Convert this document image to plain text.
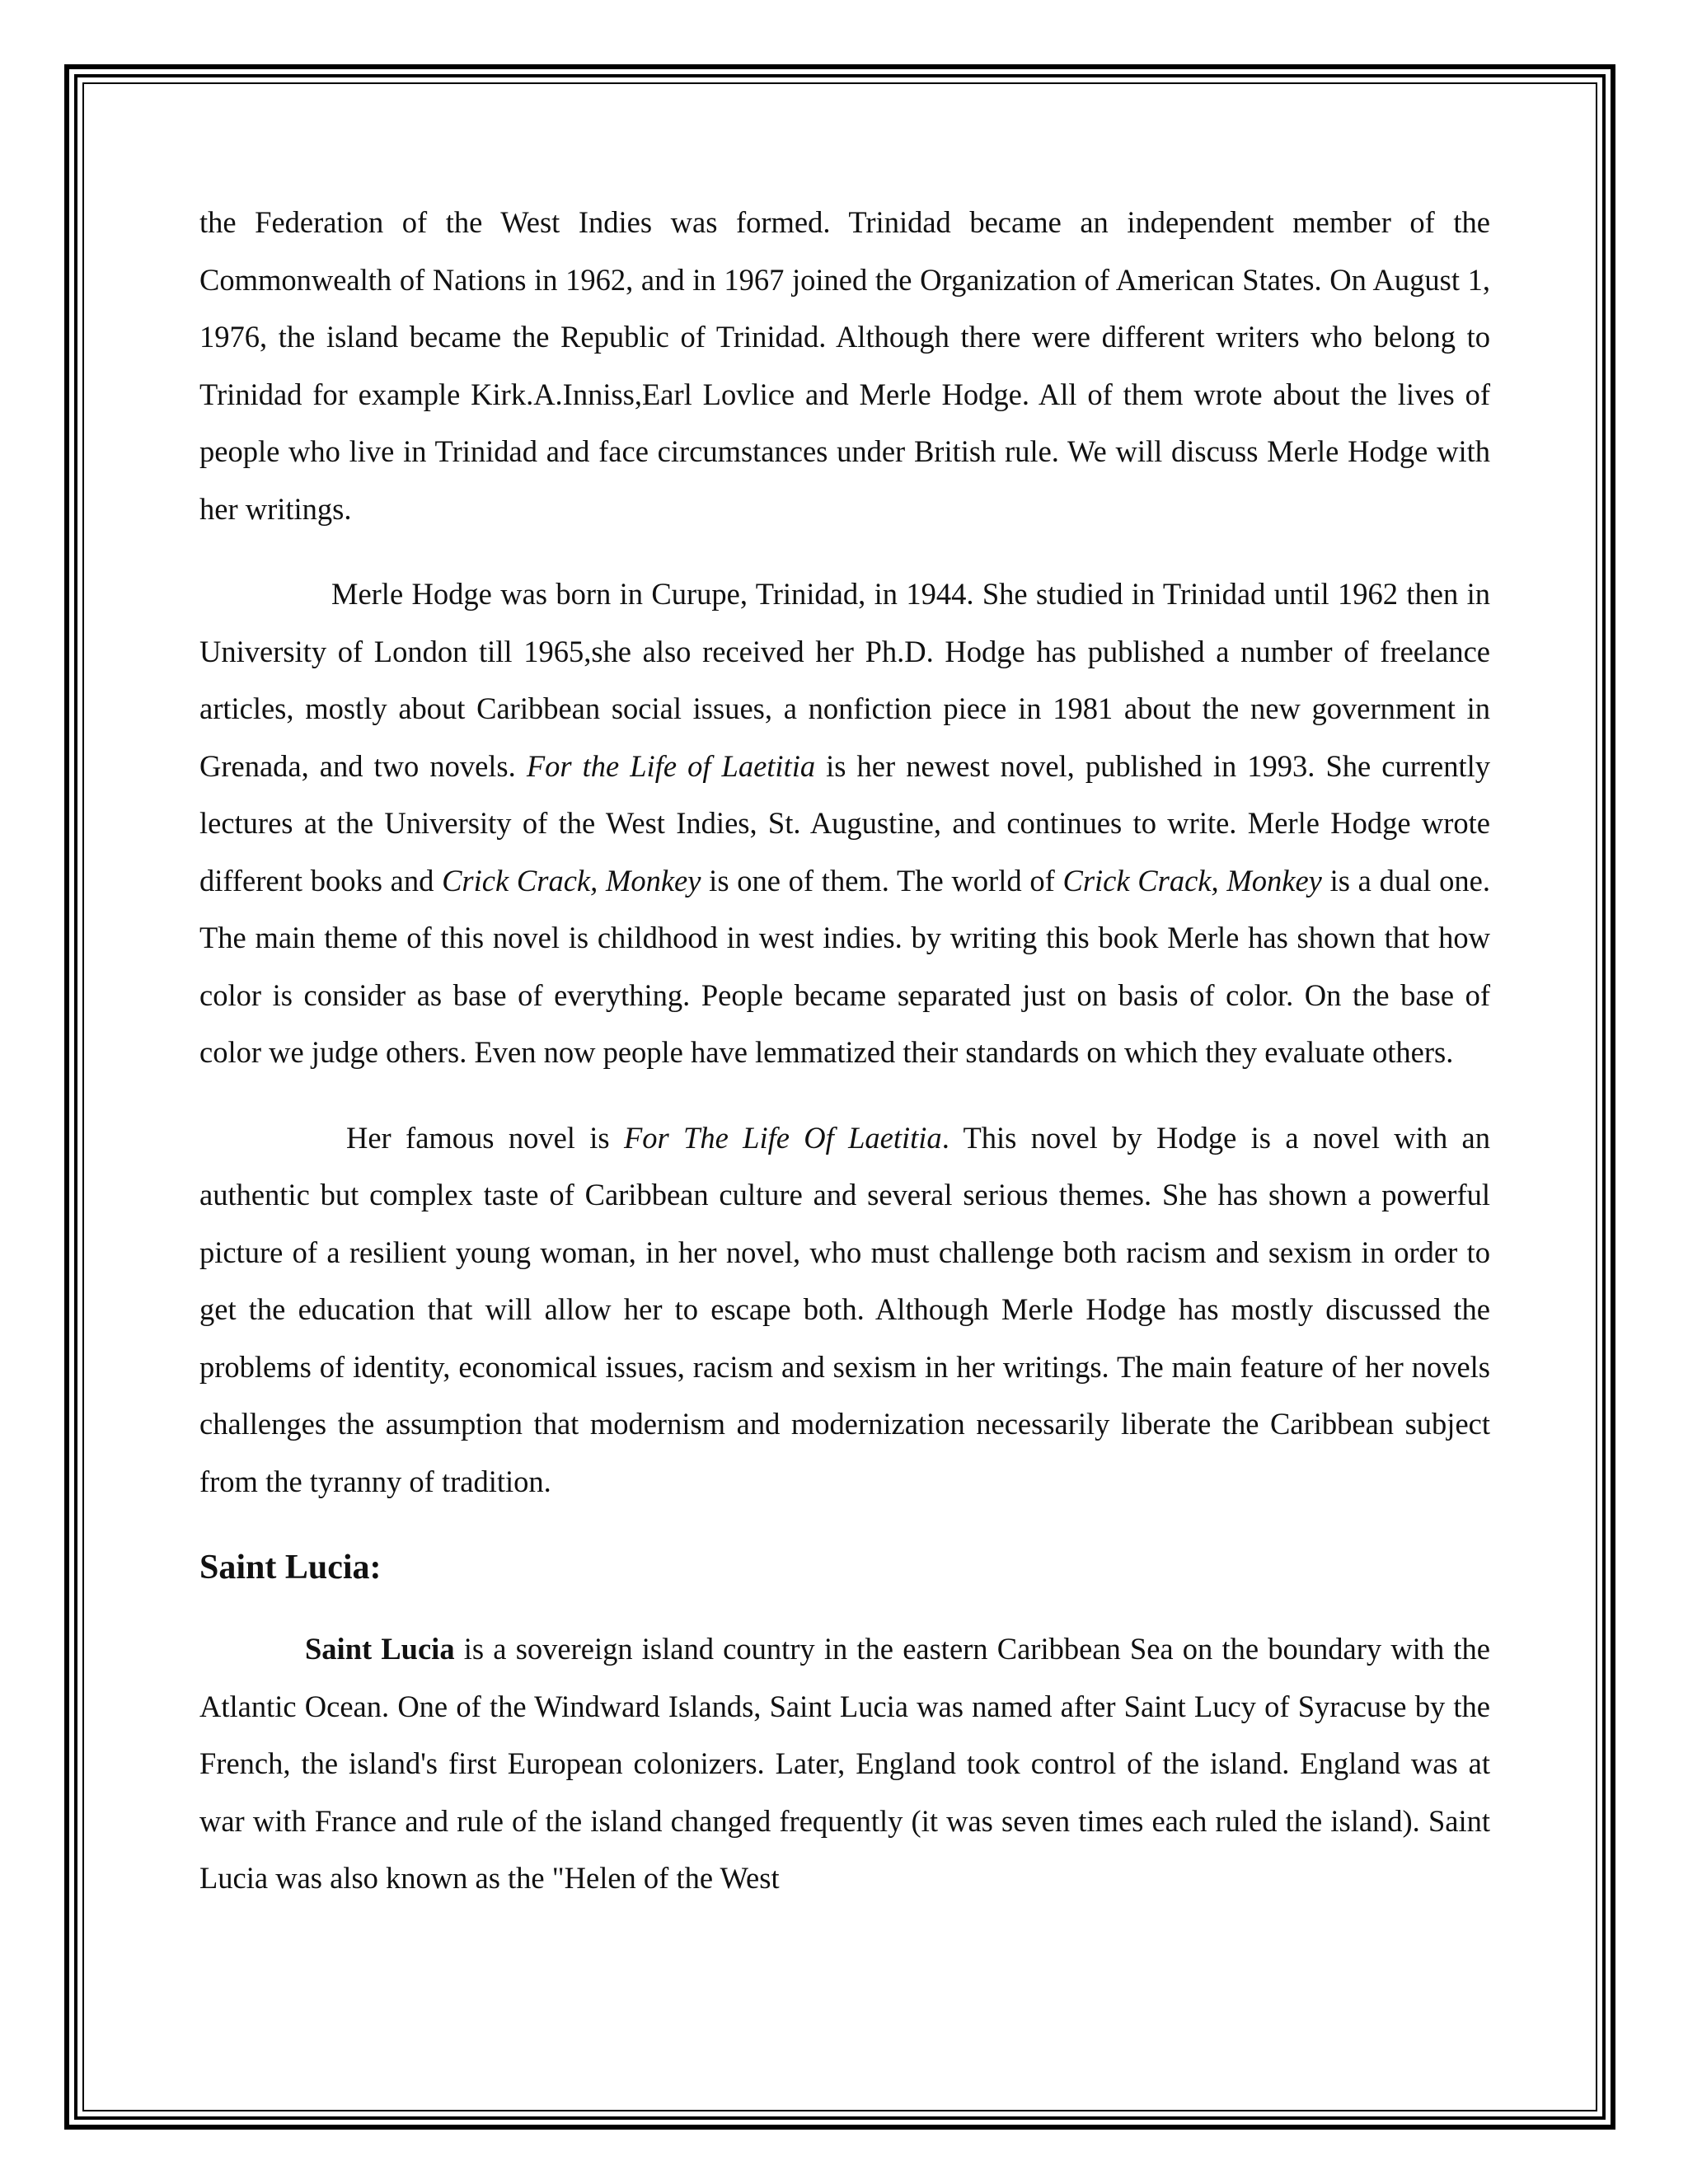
the Federation of the West Indies was formed. Trinidad became an independent member of the Commonwealth of Nations in 1962, and in 1967 joined the Organization of American States. On August 1, 1976, the island became the Republic of Trinidad. Although there were different writers who belong to Trinidad for example Kirk.A.Inniss,Earl Lovlice and Merle Hodge. All of them wrote about the lives of people who live in Trinidad and face circumstances under British rule. We will discuss Merle Hodge with her writings.

Merle Hodge was born in Curupe, Trinidad, in 1944. She studied in Trinidad until 1962 then in University of London till 1965,she also received her Ph.D. Hodge has published a number of freelance articles, mostly about Caribbean social issues, a nonfiction piece in 1981 about the new government in Grenada, and two novels. For the Life of Laetitia is her newest novel, published in 1993. She currently lectures at the University of the West Indies, St. Augustine, and continues to write. Merle Hodge wrote different books and Crick Crack, Monkey is one of them. The world of Crick Crack, Monkey is a dual one. The main theme of this novel is childhood in west indies. by writing this book Merle has shown that how color is consider as base of everything. People became separated just on basis of color. On the base of color we judge others. Even now people have lemmatized their standards on which they evaluate others.

Her famous novel is For The Life Of Laetitia. This novel by Hodge is a novel with an authentic but complex taste of Caribbean culture and several serious themes. She has shown a powerful picture of a resilient young woman, in her novel, who must challenge both racism and sexism in order to get the education that will allow her to escape both. Although Merle Hodge has mostly discussed the problems of identity, economical issues, racism and sexism in her writings. The main feature of her novels challenges the assumption that modernism and modernization necessarily liberate the Caribbean subject from the tyranny of tradition.

Saint Lucia:

Saint Lucia is a sovereign island country in the eastern Caribbean Sea on the boundary with the Atlantic Ocean. One of the Windward Islands, Saint Lucia was named after Saint Lucy of Syracuse by the French, the island's first European colonizers. Later, England took control of the island. England was at war with France and rule of the island changed frequently (it was seven times each ruled the island). Saint Lucia was also known as the "Helen of the West
